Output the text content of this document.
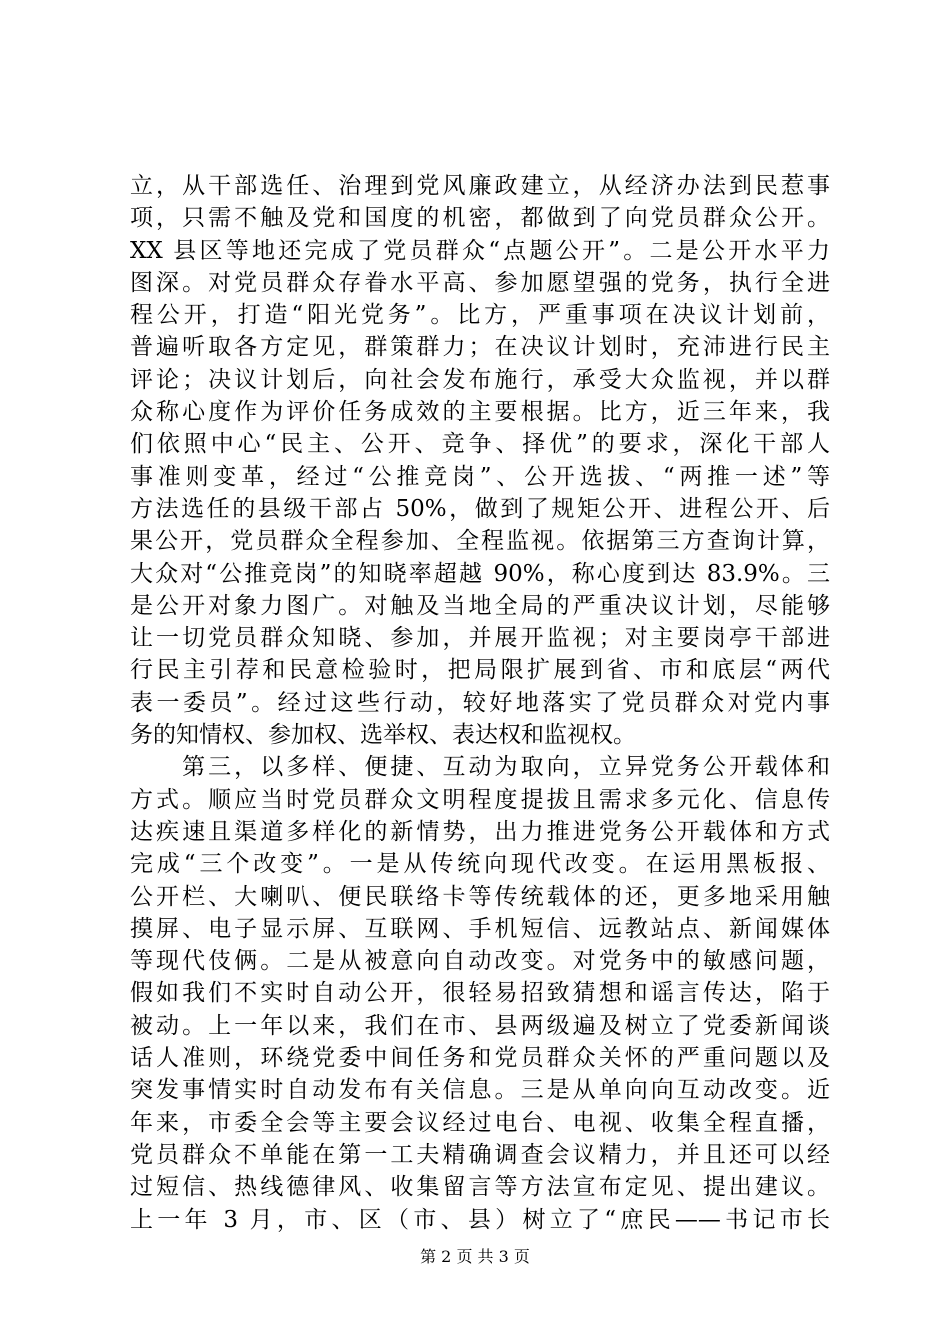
立，从干部选任、治理到党风廉政建立，从经济办法到民惹事
项，只需不触及党和国度的机密，都做到了向党员群众公开。
XX 县区等地还完成了党员群众“点题公开”。二是公开水平力
图深。对党员群众存眷水平高、参加愿望强的党务，执行全进
程公开，打造“阳光党务”。比方，严重事项在决议计划前，
普遍听取各方定见，群策群力；在决议计划时，充沛进行民主
评论；决议计划后，向社会发布施行，承受大众监视，并以群
众称心度作为评价任务成效的主要根据。比方，近三年来，我
们依照中心“民主、公开、竞争、择优”的要求，深化干部人
事准则变革，经过“公推竞岗”、公开选拔、“两推一述”等
方法选任的县级干部占 50%，做到了规矩公开、进程公开、后
果公开，党员群众全程参加、全程监视。依据第三方查询计算，
大众对“公推竞岗”的知晓率超越 90%，称心度到达 83.9%。三
是公开对象力图广。对触及当地全局的严重决议计划，尽能够
让一切党员群众知晓、参加，并展开监视；对主要岗亭干部进
行民主引荐和民意检验时，把局限扩展到省、市和底层“两代
表一委员”。经过这些行动，较好地落实了党员群众对党内事
务的知情权、参加权、选举权、表达权和监视权。
　　第三，以多样、便捷、互动为取向，立异党务公开载体和
方式。顺应当时党员群众文明程度提拔且需求多元化、信息传
达疾速且渠道多样化的新情势，出力推进党务公开载体和方式
完成“三个改变”。一是从传统向现代改变。在运用黑板报、
公开栏、大喇叭、便民联络卡等传统载体的还，更多地采用触
摸屏、电子显示屏、互联网、手机短信、远教站点、新闻媒体
等现代伎俩。二是从被意向自动改变。对党务中的敏感问题，
假如我们不实时自动公开，很轻易招致猜想和谣言传达，陷于
被动。上一年以来，我们在市、县两级遍及树立了党委新闻谈
话人准则，环绕党委中间任务和党员群众关怀的严重问题以及
突发事情实时自动发布有关信息。三是从单向向互动改变。近
年来，市委全会等主要会议经过电台、电视、收集全程直播，
党员群众不单能在第一工夫精确调查会议精力，并且还可以经
过短信、热线德律风、收集留言等方法宣布定见、提出建议。
上一年 3 月，市、区（市、县）树立了“庶民——书记市长
第 2 页 共 3 页
